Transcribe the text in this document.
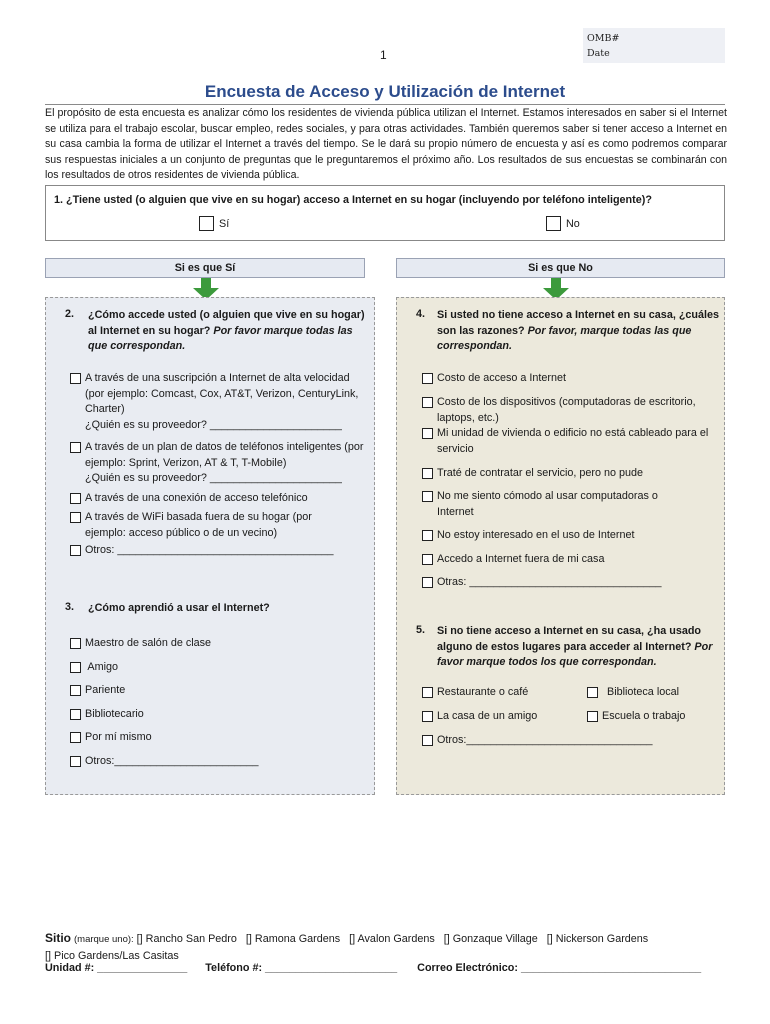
OMB#
Date
1
Encuesta de Acceso y Utilización de Internet
El propósito de esta encuesta es analizar cómo los residentes de vivienda pública utilizan el Internet. Estamos interesados en saber si el Internet se utiliza para el trabajo escolar, buscar empleo, redes sociales, y para otras actividades. También queremos saber si tener acceso a Internet en su casa cambia la forma de utilizar el Internet a través del tiempo. Se le dará su propio número de encuesta y así es como podremos comparar sus respuestas iniciales a un conjunto de preguntas que le preguntaremos el próximo año. Los resultados de sus encuestas se combinarán con los resultados de otros residentes de vivienda pública.
1. ¿Tiene usted (o alguien que vive en su hogar) acceso a Internet en su hogar (incluyendo por teléfono inteligente)?
Sí	No
Si es que Sí	Si es que No
2. ¿Cómo accede usted (o alguien que vive en su hogar) al Internet en su hogar? Por favor marque todas las que correspondan.
A través de una suscripción a Internet de alta velocidad (por ejemplo: Comcast, Cox, AT&T, Verizon, CenturyLink, Charter)
¿Quién es su proveedor? ______________________
A través de un plan de datos de teléfonos inteligentes (por ejemplo: Sprint, Verizon, AT & T, T-Mobile)
¿Quién es su proveedor? ______________________
A través de una conexión de acceso telefónico
A través de WiFi basada fuera de su hogar (por ejemplo: acceso público o de un vecino)
Otros: ____________________________________
3. ¿Cómo aprendió a usar el Internet?
Maestro de salón de clase
Amigo
Pariente
Bibliotecario
Por mí mismo
Otros:________________________
4. Si usted no tiene acceso a Internet en su casa, ¿cuáles son las razones? Por favor, marque todas las que correspondan.
Costo de acceso a Internet
Costo de los dispositivos (computadoras de escritorio, laptops, etc.)
Mi unidad de vivienda o edificio no está cableado para el servicio
Traté de contratar el servicio, pero no pude
No me siento cómodo al usar computadoras o Internet
No estoy interesado en el uso de Internet
Accedo a Internet fuera de mi casa
Otras: ________________________________
5. Si no tiene acceso a Internet en su casa, ¿ha usado alguno de estos lugares para acceder al Internet? Por favor marque todos los que correspondan.
Restaurante o café	Biblioteca local
La casa de un amigo	Escuela o trabajo
Otros:_______________________________
Sitio (marque uno): [] Rancho San Pedro   [] Ramona Gardens   [] Avalon Gardens   [] Gonzaque Village   [] Nickerson Gardens
[] Pico Gardens/Las Casitas
Unidad #: _______________ Teléfono #: ______________________ Correo Electrónico: ______________________________
